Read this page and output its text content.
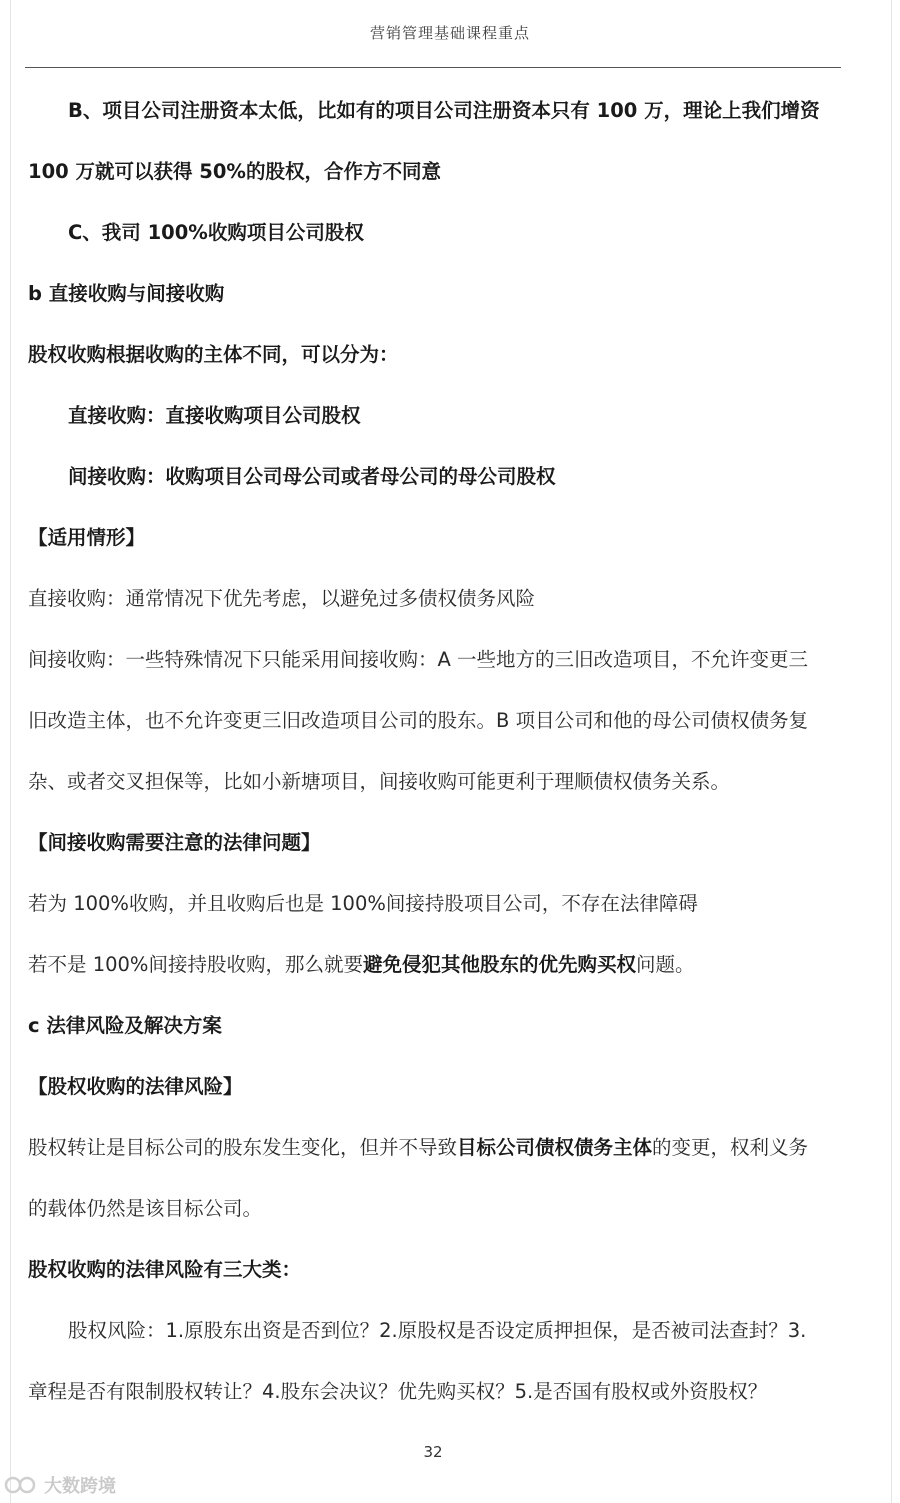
营销管理基础课程重点
B、项目公司注册资本太低，比如有的项目公司注册资本只有 100 万，理论上我们增资
100 万就可以获得 50%的股权，合作方不同意
C、我司 100%收购项目公司股权
b 直接收购与间接收购
股权收购根据收购的主体不同，可以分为：
直接收购：直接收购项目公司股权
间接收购：收购项目公司母公司或者母公司的母公司股权
【适用情形】
直接收购：通常情况下优先考虑，以避免过多债权债务风险
间接收购：一些特殊情况下只能采用间接收购：A 一些地方的三旧改造项目，不允许变更三
旧改造主体，也不允许变更三旧改造项目公司的股东。B 项目公司和他的母公司债权债务复
杂、或者交叉担保等，比如小新塘项目，间接收购可能更利于理顺债权债务关系。
【间接收购需要注意的法律问题】
若为 100%收购，并且收购后也是 100%间接持股项目公司，不存在法律障碍
若不是 100%间接持股收购，那么就要避免侵犯其他股东的优先购买权问题。
c 法律风险及解决方案
【股权收购的法律风险】
股权转让是目标公司的股东发生变化，但并不导致目标公司债权债务主体的变更，权利义务
的载体仍然是该目标公司。
股权收购的法律风险有三大类：
股权风险：1.原股东出资是否到位？2.原股权是否设定质押担保，是否被司法查封？3.
章程是否有限制股权转让？4.股东会决议？优先购买权？5.是否国有股权或外资股权？
32
大数跨境
